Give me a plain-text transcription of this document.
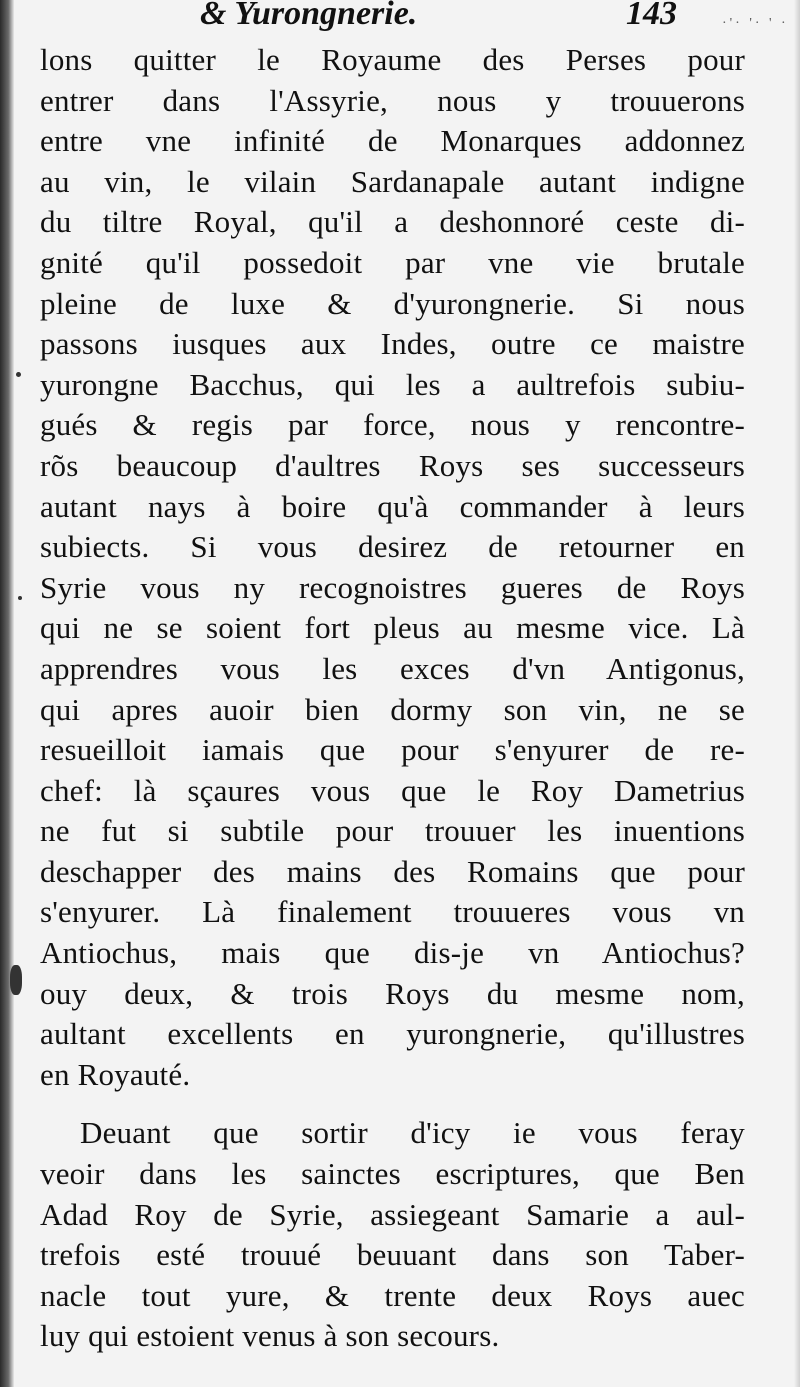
& Yurongnerie.	143	·'· '· ' ·
lons quitter le Royaume des Perses pour
entrer dans l'Assyrie, nous y trouuerons
entre vne infinité de Monarques addonnez
au vin, le vilain Sardanapale autant indigne
du tiltre Royal, qu'il a deshonnoré ceste di-
gnité qu'il possedoit par vne vie brutale
pleine de luxe & d'yurongnerie. Si nous
passons iusques aux Indes, outre ce maistre
yurongne Bacchus, qui les a aultrefois subiu-
gués & regis par force, nous y rencontre-
rõs beaucoup d'aultres Roys ses successeurs
autant nays à boire qu'à commander à leurs
subiects. Si vous desirez de retourner en
Syrie vous ny recognoistres gueres de Roys
qui ne se soient fort pleus au mesme vice. Là
apprendres vous les exces d'vn Antigonus,
qui apres auoir bien dormy son vin, ne se
resueilloit iamais que pour s'enyurer de re-
chef: là sçaures vous que le Roy Dametrius
ne fut si subtile pour trouuer les inuentions
deschapper des mains des Romains que pour
s'enyurer. Là finalement trouueres vous vn
Antiochus, mais que dis-je vn Antiochus?
ouy deux, & trois Roys du mesme nom,
aultant excellents en yurongnerie, qu'illustres
en Royauté.
Deuant que sortir d'icy ie vous feray
veoir dans les sainctes escriptures, que Ben
Adad Roy de Syrie, assiegeant Samarie a aul-
trefois esté trouué beuuant dans son Taber-
nacle tout yure, & trente deux Roys auec
luy qui estoient venus à son secours.
